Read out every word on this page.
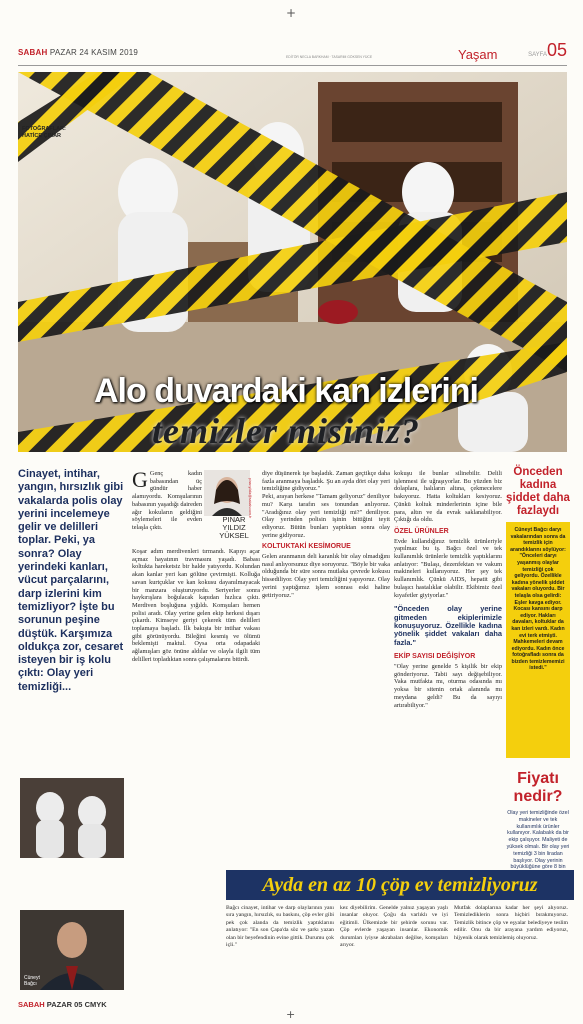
+
SABAH PAZAR 24 KASIM 2019	EDİTÖR NECLA BARKHAM · TASARIM GÖKSEN YÜCE	Yaşam	SAYFA05
FOTOĞRAFLAR:
HATİCE ÇINAR
Alo duvardaki kan izlerini
temizler misiniz?
Cinayet, intihar, yangın, hırsızlık gibi vakalarda polis olay yerini incelemeye gelir ve delilleri toplar. Peki, ya sonra? Olay yerindeki kanları, vücut parçalarını, darp izlerini kim temizliyor? İşte bu sorunun peşine düştük. Karşımıza oldukça zor, cesaret isteyen bir iş kolu çıktı: Olay yeri temizliği...
G Genç kadın babasından üç gündür haber alamıyordu. Komşularının babasının yaşadığı daireden ağır kokuların geldiğini söylemeleri ile evden telaşla çıktı.

pinar.yildiz@sabah.com.tr
PINAR
YILDIZ
YÜKSEL

Koşar adım merdivenleri tırmandı. Kapıyı açar açmaz hayatının travmasını yaşadı. Babası koltukta hareketsiz bir halde yatıyordu. Kolundan akan kanlar yeri kan gölüne çevirmişti. Kolluğa savan kurtçuklar ve kan kokusu dayanılmayacak bir manzara oluşturuyordu. Seriyerler sonra haykırışlara boğulacak kapıdan hızlıca çıktı. Merdiven boşluğuna yığıldı. Komşuları hemen polisi aradı. Olay yerine gelen ekip herkesi dışarı çıkardı. Kimseye geriyi çekerek tüm delilleri toplamaya başladı. İlk bakışta bir intihar vakası gibi görünüyordu. Bileğini kesmiş ve ölümü beklemişti maktul. Oysa orta odapadaki ağlamışları göz önüne aldılar ve olayla ilgili tüm delilleri topladıktan sonra çalışmalarını bitirdi.

diye düşünerek işe başladık. Zaman geçtikçe daha fazla aranmaya başladık. Şu an ayda dört olay yeri temizliğine gidiyoruz."

Peki, arayan herkese "Tamam geliyoruz" deniliyor mu? Karşı tarafın ses tonundan anlıyoruz. "Aradığınız olay yeri temizliği mi?" deniliyor. Olay yerinden polisin işinin bittiğini teyit ediyoruz. Bütün bunları yaptıktan sonra olay yerine gidiyoruz.

KOLTUKTAKİ KESİMORUE

Gelen aranmanın deli karanlık bir olay olmadığını nasıl anlıyorsunuz diye soruyoruz. "Böyle bir vaka olduğunda bir süre sonra mutlaka çevrede kokusu hissediliyor. Olay yeri temizliğini yapıyoruz. Olay yerini yaptığımız işlem sonrası eski haline getiriyoruz."

kokuşu ile bunlar silinebilir. Delili işlenmesi ile uğraşıyorlar. Bu yüzden biz dolaplara, halıların altına, çekmecelere bakıyoruz. Hatta koltukları kesiyoruz. Çünkü koltuk minderlerinin içine bile para, altın ve da evrak saklanabiliyor. Çıktığı da oldu.

ÖZEL ÜRÜNLER

Evde kullandığınız temizlik ürünleriyle yapılmaz bu iş. Bağcı özel ve tek kullanımlık ürünlerle temizlik yaptıklarını anlatıyor: "Bulaşı, dezenfektan ve vakum makineleri kullanıyoruz. Her şey tek kullanımlık. Çünkü AIDS, hepatit gibi bulaşıcı hastalıklar olabilir. Ekibimiz özel kıyafetler giyiyorlar."

"Önceden olay yerine gitmeden ekiplerimizle konuşuyoruz. Özellikle kadına yönelik şiddet vakaları daha fazla."
EKİP SAYISI DEĞİŞİYOR

"Olay yerine genelde 5 kişilik bir ekip gönderiyoruz. Tabii sayı değişebiliyor. Vaka mutfakta mı, oturma odasında mı yoksa bir sitenin ortak alanında mı meydana geldi? Bu da sayıyı artırabiliyor."

Önceden kadına şiddet daha fazlaydı
Cüneyt Bağcı daryı vakalarından sonra da temizlik için arandıklarını söylüyor: "Önceleri daryı yaşanmış olaylar temizliği çok geliyordu. Özellikle kadına yönelik şiddet vakaları oluyordu. Bir telaşla olsa gelirdi: Eşler kavga ediyor. Kocası kansını darp ediyor. Hakları davaları, koltuklar da kan izleri vardı. Kadın evi terk etmişti. Mahkemeleri devam ediyordu. Kadın önce fotoğrafladı sonra da bizden temizlememizi istedi."
Fiyatı nedir?
Olay yeri temizliğinde özel makineler ve tek kullanımlık ürünler kullanıyor. Kalabalık da bir ekip çalışıyor. Maliyeti de yüksek olmalı. Bir olay yeri temizliği 3 bin liradan başlıyor. Olay yerinin büyüklüğüne göre 8 bin
Cüneyt
Bağcı
Ayda en az 10 çöp ev temizliyoruz
Bağcı cinayet, intihar ve darp olaylarının yanı sıra yangın, hırsızlık, su baskını, çöp evler gibi pek çok alanda da temizlik yaptıklarını anlatıyor: "En son Çapa'da söz ve şarkı yazan olan bir beyefendinin evine gittik. Durumu çok içli."
kez diyebilirim. Genelde yalnız yaşayan yaşlı insanlar oluyor. Çoğu da varlıklı ve iyi eğitimli. Ülkemizde bir şehirde sorunu var. Çöp evlerde yaşayan insanlar. Ekonomik durumları iyiyse akrabaları değilse, komşuları arıyor.
Mutfak dolaplarına kadar her şeyi alıyoruz. Temizlediklerin sonra hiçbiri bırakmıyoruz. Temizlik bitince çöp ve eşyalar belediyeye teslim edilir. Onu da bir arayana yardım ediyoruz, hijyenik olarak temizlemiş oluyoruz.
SABAH PAZAR 05 CMYK
+
